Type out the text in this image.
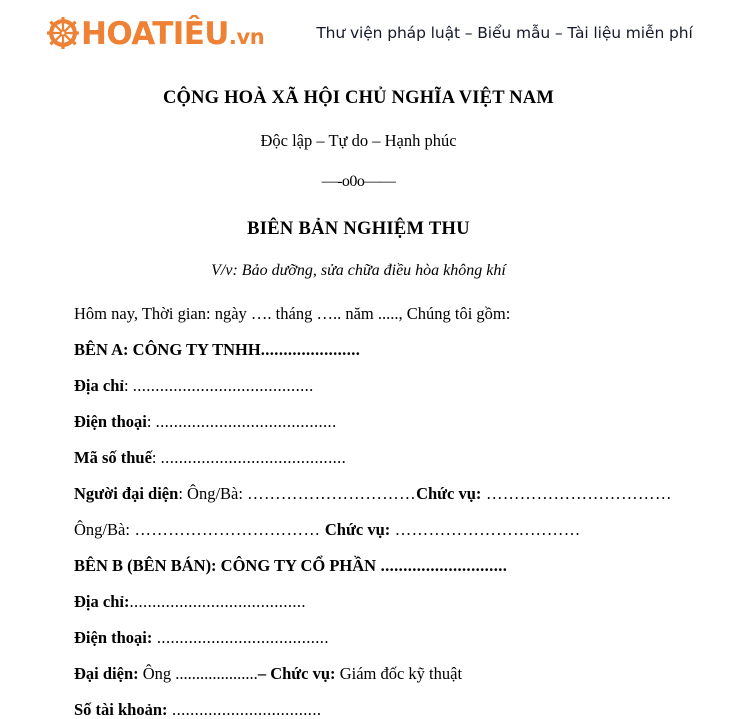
HOATIÊU.vn	Thư viện pháp luật – Biểu mẫu – Tài liệu miễn phí
CỘNG HOÀ XÃ HỘI CHỦ NGHĨA VIỆT NAM
Độc lập – Tự do – Hạnh phúc
—-o0o——
BIÊN BẢN NGHIỆM THU
V/v: Bảo dưỡng, sửa chữa điều hòa không khí
Hôm nay, Thời gian: ngày …. tháng ….. năm ....., Chúng tôi gồm:
BÊN A: CÔNG TY TNHH......................
Địa chỉ: ........................................
Điện thoại: ........................................
Mã số thuế: .........................................
Người đại diện: Ông/Bà: …………………………Chức vụ: ……………………………
Ông/Bà: …………………………… Chức vụ: ……………………………
BÊN B (BÊN BÁN): CÔNG TY CỔ PHẦN ............................
Địa chỉ:.......................................
Điện thoại: ......................................
Đại diện: Ông ....................– Chức vụ: Giám đốc kỹ thuật
Số tài khoản: .................................
